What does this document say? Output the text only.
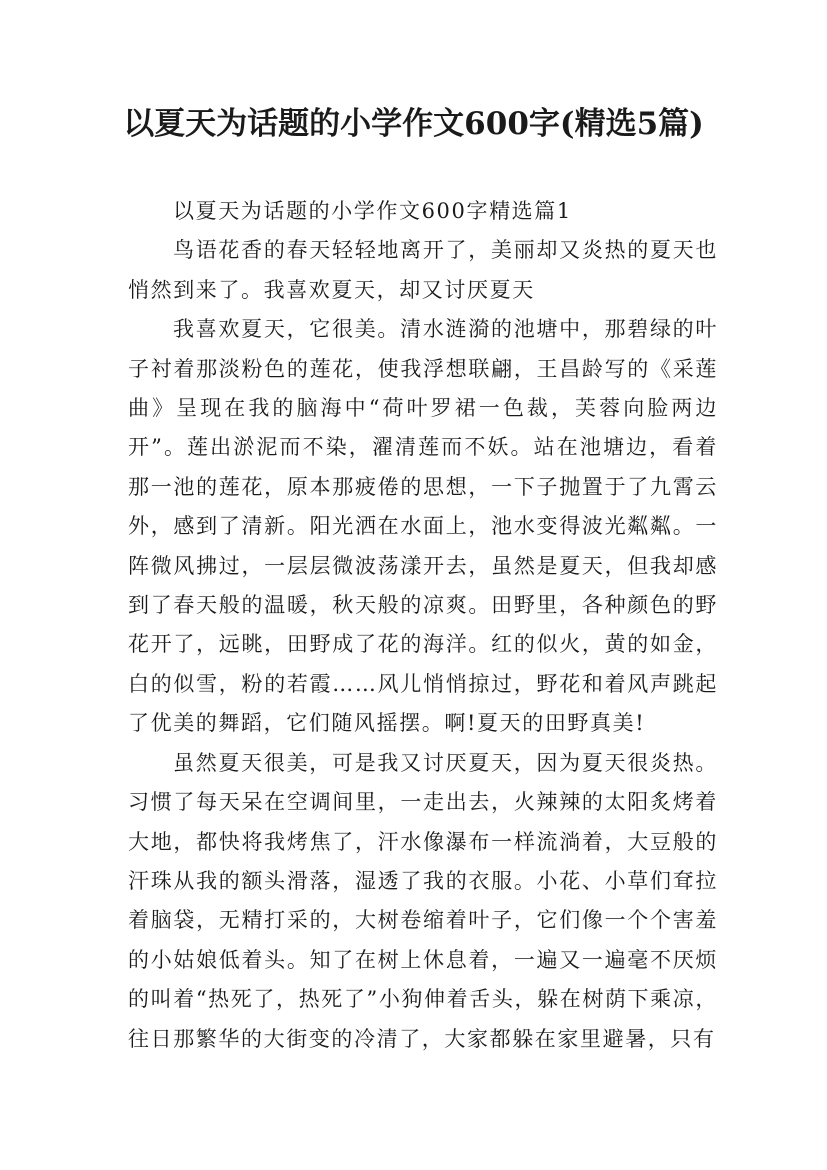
以夏天为话题的小学作文600字(精选5篇)

以夏天为话题的小学作文600字精选篇1

鸟语花香的春天轻轻地离开了，美丽却又炎热的夏天也悄然到来了。我喜欢夏天，却又讨厌夏天

我喜欢夏天，它很美。清水涟漪的池塘中，那碧绿的叶子衬着那淡粉色的莲花，使我浮想联翩，王昌龄写的《采莲曲》呈现在我的脑海中“荷叶罗裙一色裁，芙蓉向脸两边开”。莲出淤泥而不染，濯清莲而不妖。站在池塘边，看着那一池的莲花，原本那疲倦的思想，一下子抛置于了九霄云外，感到了清新。阳光洒在水面上，池水变得波光粼粼。一阵微风拂过，一层层微波荡漾开去，虽然是夏天，但我却感到了春天般的温暖，秋天般的凉爽。田野里，各种颜色的野花开了，远眺，田野成了花的海洋。红的似火，黄的如金，白的似雪，粉的若霞……风儿悄悄掠过，野花和着风声跳起了优美的舞蹈，它们随风摇摆。啊!夏天的田野真美!

虽然夏天很美，可是我又讨厌夏天，因为夏天很炎热。习惯了每天呆在空调间里，一走出去，火辣辣的太阳炙烤着大地，都快将我烤焦了，汗水像瀑布一样流淌着，大豆般的汗珠从我的额头滑落，湿透了我的衣服。小花、小草们耷拉着脑袋，无精打采的，大树卷缩着叶子，它们像一个个害羞的小姑娘低着头。知了在树上休息着，一遍又一遍毫不厌烦的叫着“热死了，热死了”小狗伸着舌头，躲在树荫下乘凉，往日那繁华的大街变的冷清了，大家都躲在家里避暑，只有
